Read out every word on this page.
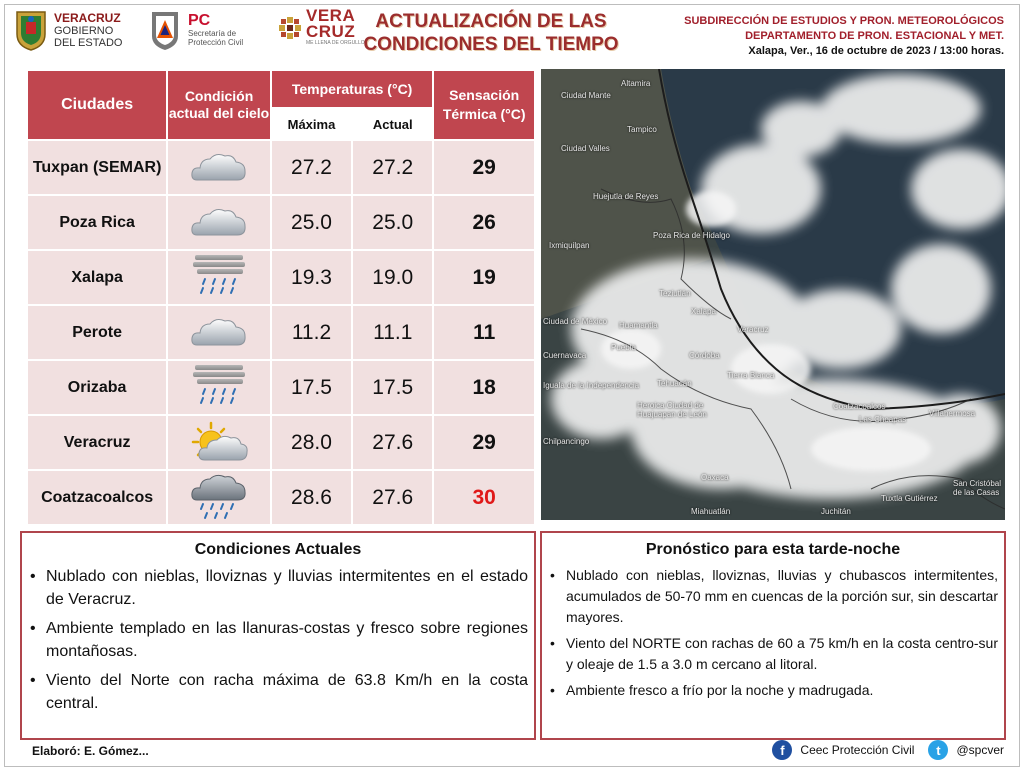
VERACRUZ
GOBIERNO
DEL ESTADO
PC
Secretaría de
Protección Civil
VERA
CRUZ
ME LLENA DE ORGULLO
ACTUALIZACIÓN DE LAS
CONDICIONES DEL TIEMPO
SUBDIRECCIÓN DE ESTUDIOS Y PRON. METEOROLÓGICOS
DEPARTAMENTO DE PRON. ESTACIONAL Y MET.
Xalapa, Ver., 16 de octubre de 2023 / 13:00 horas.
Ciudades	Condición actual del cielo	Temperaturas (°C)		Sensación Térmica (°C)
		Máxima	Actual	
Tuxpan (SEMAR)		27.2	27.2	29
Poza Rica		25.0	25.0	26
Xalapa		19.3	19.0	19
Perote		11.2	11.1	11
Orizaba		17.5	17.5	18
Veracruz		28.0	27.6	29
Coatzacoalcos		28.6	27.6	30
Ciudad Mante
Altamira
Tampico
Ciudad Valles
Huejutla de Reyes
Ixmiquilpan
Poza Rica de Hidalgo
Teziutlán
Xalapa
Veracruz
Huamantla
Puebla
Córdoba
Cuernavaca
Tehuacán
Tierra Blanca
Heroica Ciudad de Huajuapan de León
Coatzacoalcos
Las Choapas
Villahermosa
Iguala de la Independencia
Chilpancingo
Ciudad de México
Oaxaca
Juchitán
Miahuatlán
Tuxtla Gutiérrez
San Cristóbal de las Casas
Condiciones Actuales
• Nublado con nieblas, lloviznas y lluvias intermitentes en el estado de Veracruz.
• Ambiente templado en las llanuras-costas y fresco sobre regiones montañosas.
• Viento del Norte con racha máxima de 63.8 Km/h en la costa central.
Pronóstico para esta tarde-noche
• Nublado con nieblas, lloviznas, lluvias y chubascos intermitentes, acumulados de 50-70 mm en cuencas de la porción sur, sin descartar mayores.
• Viento del NORTE con rachas de 60 a 75 km/h en la costa centro-sur y oleaje de 1.5 a 3.0 m cercano al litoral.
• Ambiente fresco a frío por la noche y madrugada.
Elaboró: E. Gómez...	f	Ceec Protección Civil	t	@spcver
